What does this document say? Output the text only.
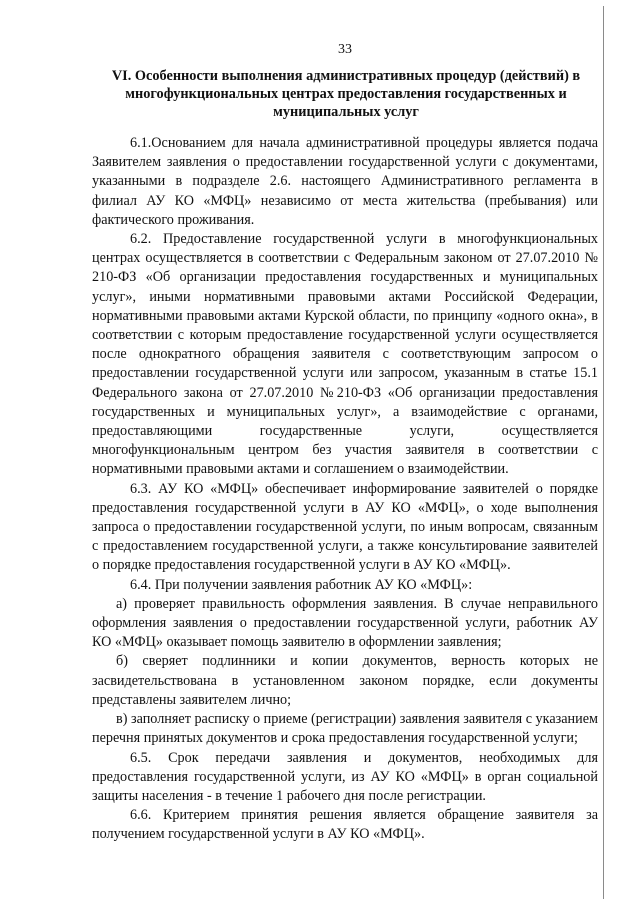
33
VI. Особенности выполнения административных процедур (действий) в многофункциональных центрах предоставления государственных и муниципальных услуг

6.1.Основанием для начала административной процедуры является подача Заявителем заявления о предоставлении государственной услуги с документами, указанными в подразделе 2.6. настоящего Административного регламента в филиал АУ КО «МФЦ» независимо от места жительства (пребывания) или фактического проживания.

6.2. Предоставление государственной услуги в многофункциональных центрах осуществляется в соответствии с Федеральным законом от 27.07.2010 № 210-ФЗ «Об организации предоставления государственных и муниципальных услуг», иными нормативными правовыми актами Российской Федерации, нормативными правовыми актами Курской области, по принципу «одного окна», в соответствии с которым предоставление государственной услуги осуществляется после однократного обращения заявителя с соответствующим запросом о предоставлении государственной услуги или запросом, указанным в статье 15.1 Федерального закона от 27.07.2010 №210-ФЗ «Об организации предоставления государственных и муниципальных услуг», а взаимодействие с органами, предоставляющими государственные услуги, осуществляется многофункциональным центром без участия заявителя в соответствии с нормативными правовыми актами и соглашением о взаимодействии.

6.3. АУ КО «МФЦ» обеспечивает информирование заявителей о порядке предоставления государственной услуги в АУ КО «МФЦ», о ходе выполнения запроса о предоставлении государственной услуги, по иным вопросам, связанным с предоставлением государственной услуги, а также консультирование заявителей о порядке предоставления государственной услуги в АУ КО «МФЦ».

6.4. При получении заявления работник АУ КО «МФЦ»:

а) проверяет правильность оформления заявления. В случае неправильного оформления заявления о предоставлении государственной услуги, работник АУ КО «МФЦ» оказывает помощь заявителю в оформлении заявления;

б) сверяет подлинники и копии документов, верность которых не засвидетельствована в установленном законом порядке, если документы представлены заявителем лично;

в) заполняет расписку о приеме (регистрации) заявления заявителя с указанием перечня принятых документов и срока предоставления государственной услуги;

6.5. Срок передачи заявления и документов, необходимых для предоставления государственной услуги, из АУ КО «МФЦ» в орган социальной защиты населения - в течение 1 рабочего дня после регистрации.

6.6. Критерием принятия решения является обращение заявителя за получением государственной услуги в АУ КО «МФЦ».
